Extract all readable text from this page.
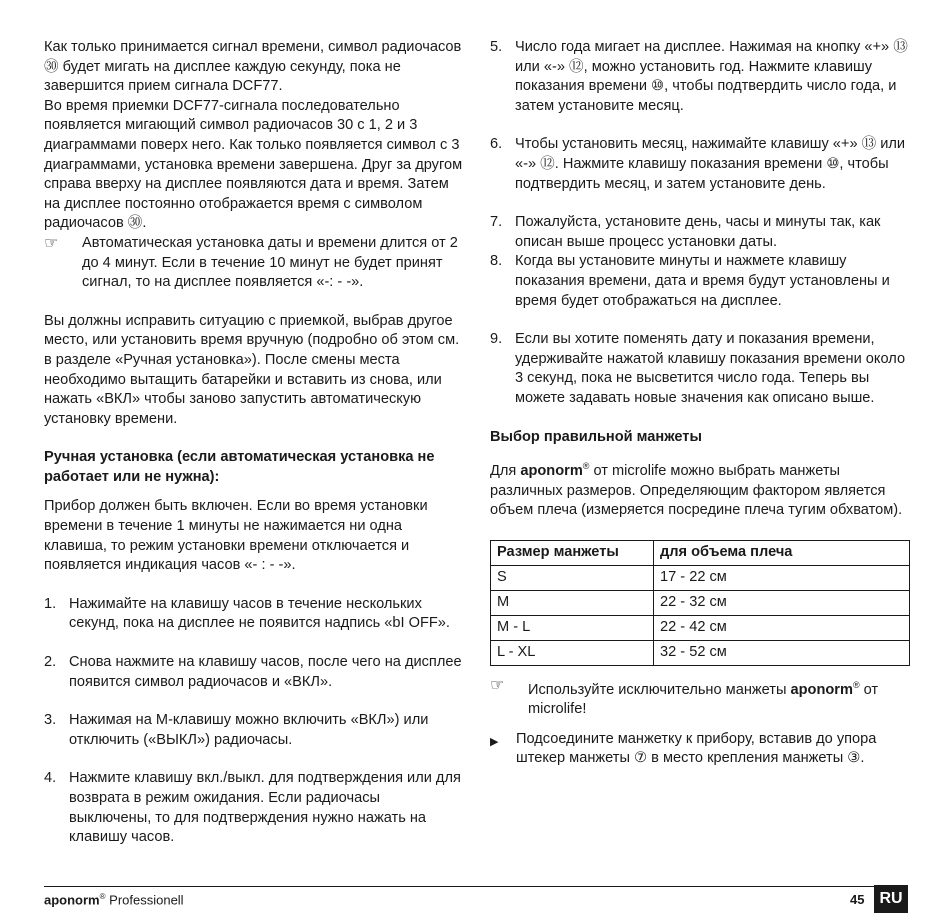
Как только принимается сигнал времени, символ радиочасов ㉚ будет мигать на дисплее каждую секунду, пока не завершится прием сигнала DCF77.

Во время приемки DCF77-сигнала последовательно появляется мигающий символ радиочасов 30 с 1, 2 и 3 диаграммами поверх него. Как только появляется символ с 3 диаграммами, установка времени завершена. Друг за другом справа вверху на дисплее появляются дата и время. Затем на дисплее постоянно отображается время с символом радиочасов ㉚.

☞	Автоматическая установка даты и времени длится от 2 до 4 минут. Если в течение 10 минут не будет принят сигнал, то на дисплее появляется «-: - -».

Вы должны исправить ситуацию с приемкой, выбрав другое место, или установить время вручную (подробно об этом см. в разделе «Ручная установка»). После смены места необходимо вытащить батарейки и вставить из снова, или нажать «ВКЛ» чтобы заново запустить автоматическую установку времени.

Ручная установка (если автоматическая установка не работает или не нужна):

Прибор должен быть включен. Если во время установки времени в течение 1 минуты не нажимается ни одна клавиша, то режим установки времени отключается и появляется индикация часов «- : - -».

1. Нажимайте на клавишу часов в течение нескольких секунд, пока на дисплее не появится надпись «bI OFF».
2. Снова нажмите на клавишу часов, после чего на дисплее появится символ радиочасов и «ВКЛ».
3. Нажимая на М-клавишу можно включить «ВКЛ») или отключить («ВЫКЛ») радиочасы.
4. Нажмите клавишу вкл./выкл. для подтверждения или для возврата в режим ожидания. Если радиочасы выключены, то для подтверждения нужно нажать на клавишу часов.
5. Число года мигает на дисплее. Нажимая на кнопку «+» ⑬ или «-» ⑫, можно установить год. Нажмите клавишу показания времени ⑩, чтобы подтвердить число года, и затем установите месяц.
6. Чтобы установить месяц, нажимайте клавишу «+» ⑬ или «-» ⑫. Нажмите клавишу показания времени ⑩, чтобы подтвердить месяц, и затем установите день.
7. Пожалуйста, установите день, часы и минуты так, как описан выше процесс установки даты.
8. Когда вы установите минуты и нажмете клавишу показания времени, дата и время будут установлены и время будет отображаться на дисплее.
9. Если вы хотите поменять дату и показания времени, удерживайте нажатой клавишу показания времени около 3 секунд, пока не высветится число года. Теперь вы можете задавать новые значения как описано выше.

Выбор правильной манжеты

Для aponorm® от microlife можно выбрать манжеты различных размеров. Определяющим фактором является объем плеча (измеряется посредине плеча тугим обхватом).

Размер манжеты	для объема плеча
S	17 - 22 см
M	22 - 32 см
M - L	22 - 42 см
L - XL	32 - 52 см
☞	Используйте исключительно манжеты aponorm® от microlife!
▶	Подсоедините манжетку к прибору, вставив до упора штекер манжеты ⑦ в место крепления манжеты ③.
aponorm® Professionell	45 RU
